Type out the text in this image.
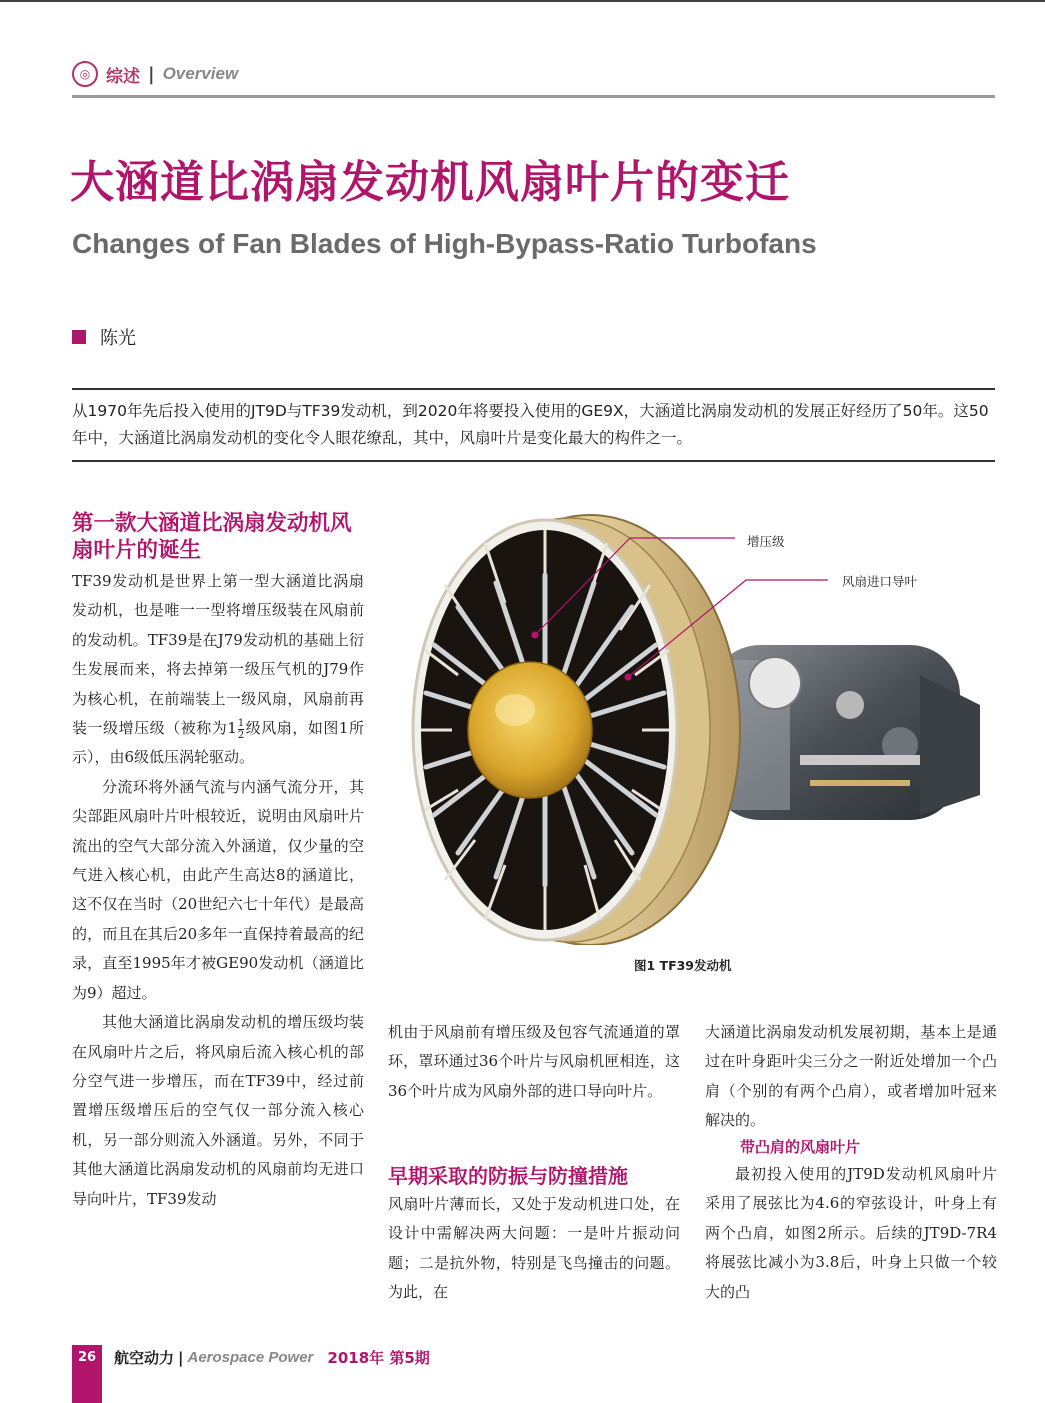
◎ 综述 | Overview
大涵道比涡扇发动机风扇叶片的变迁
Changes of Fan Blades of High-Bypass-Ratio Turbofans
陈光
从1970年先后投入使用的JT9D与TF39发动机，到2020年将要投入使用的GE9X，大涵道比涡扇发动机的发展正好经历了50年。这50年中，大涵道比涡扇发动机的变化令人眼花缭乱，其中，风扇叶片是变化最大的构件之一。
第一款大涵道比涡扇发动机风扇叶片的诞生

TF39发动机是世界上第一型大涵道比涡扇发动机，也是唯一一型将增压级装在风扇前的发动机。TF39是在J79发动机的基础上衍生发展而来，将去掉第一级压气机的J79作为核心机，在前端装上一级风扇，风扇前再装一级增压级（被称为$1 \frac{1}{2}$ 级风扇，如图1所示），由6级低压涡轮驱动。

分流环将外涵气流与内涵气流分开，其尖部距风扇叶片叶根较近，说明由风扇叶片流出的空气大部分流入外涵道，仅少量的空气进入核心机，由此产生高达8的涵道比，这不仅在当时（20世纪六七十年代）是最高的，而且在其后20多年一直保持着最高的纪录，直至1995年才被GE90发动机（涵道比为9）超过。

其他大涵道比涡扇发动机的增压级均装在风扇叶片之后，将风扇后流入核心机的部分空气进一步增压，而在TF39中，经过前置增压级增压后的空气仅一部分流入核心机，另一部分则流入外涵道。另外，不同于其他大涵道比涡扇发动机的风扇前均无进口导向叶片，TF39发动

机由于风扇前有增压级及包容气流通道的罩环，罩环通过36个叶片与风扇机匣相连，这36个叶片成为风扇外部的进口导向叶片。

早期采取的防振与防撞措施

风扇叶片薄而长，又处于发动机进口处，在设计中需解决两大问题：一是叶片振动问题；二是抗外物，特别是飞鸟撞击的问题。为此，在

大涵道比涡扇发动机发展初期，基本上是通过在叶身距叶尖三分之一附近处增加一个凸肩（个别的有两个凸肩），或者增加叶冠来解决的。

带凸肩的风扇叶片

最初投入使用的JT9D发动机风扇叶片采用了展弦比为4.6的窄弦设计，叶身上有两个凸肩，如图2所示。后续的JT9D-7R4将展弦比减小为3.8后，叶身上只做一个较大的凸

增压级
风扇进口导叶
图1 TF39发动机
26	航空动力 | Aerospace Power 2018年 第5期
